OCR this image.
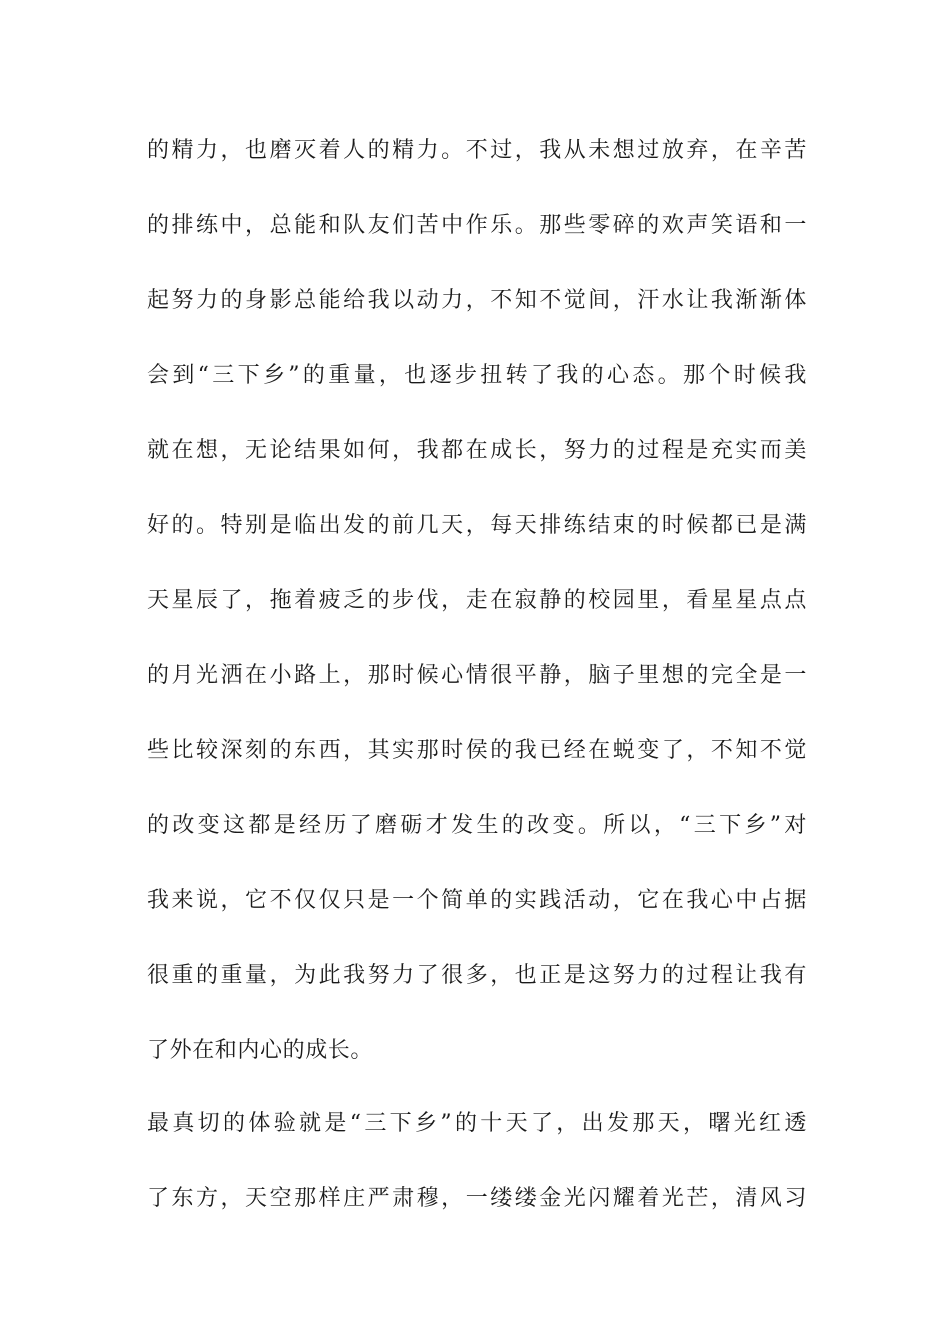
的精力，也磨灭着人的精力。不过，我从未想过放弃，在辛苦
的排练中，总能和队友们苦中作乐。那些零碎的欢声笑语和一
起努力的身影总能给我以动力，不知不觉间，汗水让我渐渐体
会到“三下乡”的重量，也逐步扭转了我的心态。那个时候我
就在想，无论结果如何，我都在成长，努力的过程是充实而美
好的。特别是临出发的前几天，每天排练结束的时候都已是满
天星辰了，拖着疲乏的步伐，走在寂静的校园里，看星星点点
的月光洒在小路上，那时候心情很平静，脑子里想的完全是一
些比较深刻的东西，其实那时侯的我已经在蜕变了，不知不觉
的改变这都是经历了磨砺才发生的改变。所以，“三下乡”对
我来说，它不仅仅只是一个简单的实践活动，它在我心中占据
很重的重量，为此我努力了很多，也正是这努力的过程让我有
了外在和内心的成长。
最真切的体验就是“三下乡”的十天了，出发那天，曙光红透
了东方，天空那样庄严肃穆，一缕缕金光闪耀着光芒，清风习
